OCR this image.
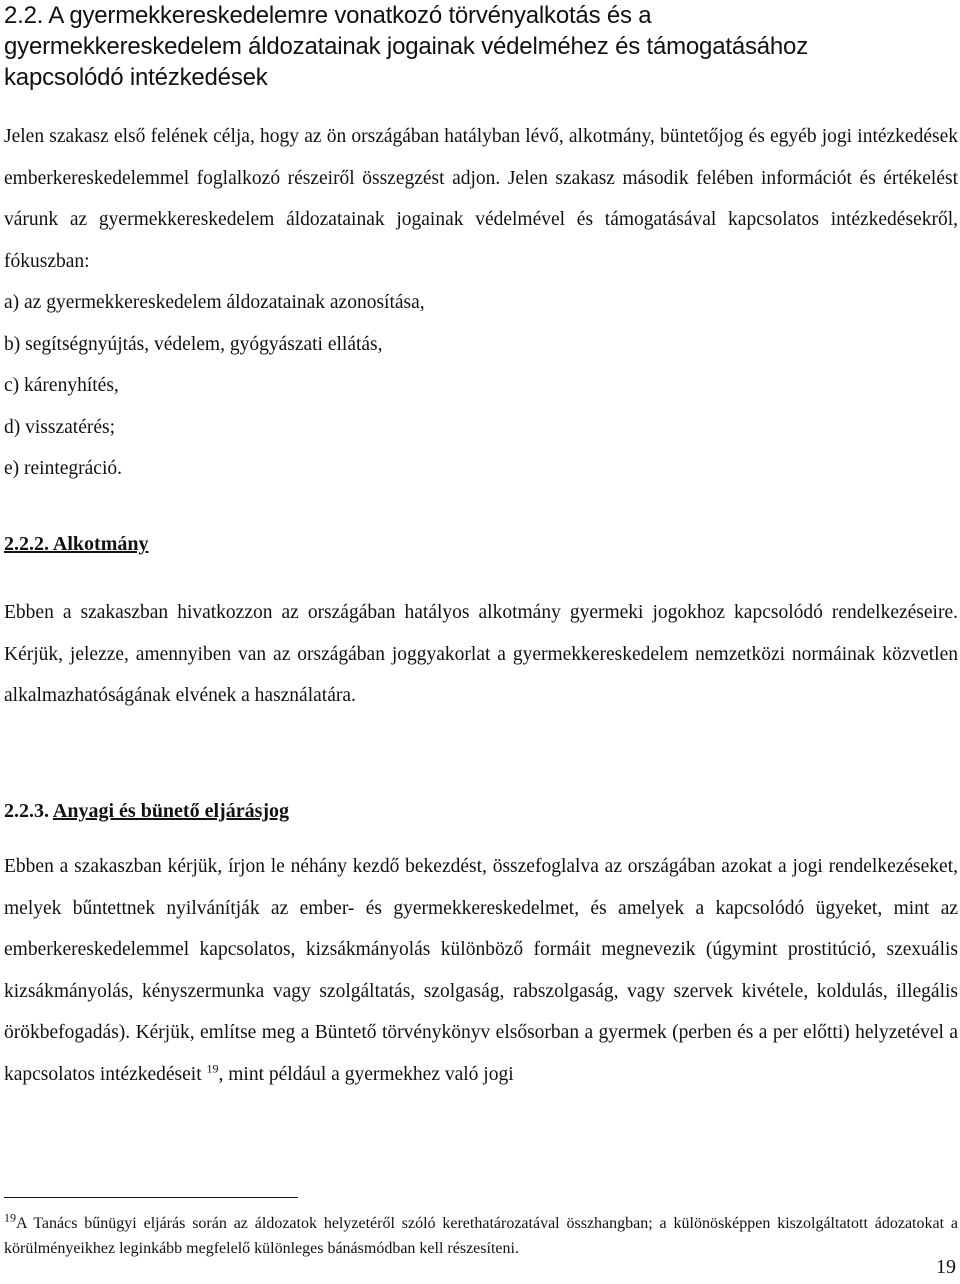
2.2. A gyermekkereskedelemre vonatkozó törvényalkotás és a
gyermekkereskedelem áldozatainak jogainak védelméhez és támogatásához
kapcsolódó intézkedések

Jelen szakasz első felének célja, hogy az ön országában hatályban lévő, alkotmány, büntetőjog és egyéb jogi intézkedések emberkereskedelemmel foglalkozó részeiről összegzést adjon. Jelen szakasz második felében információt és értékelést várunk az gyermekkereskedelem áldozatainak jogainak védelmével és támogatásával kapcsolatos intézkedésekről, fókuszban:

a) az gyermekkereskedelem áldozatainak azonosítása,

b) segítségnyújtás, védelem, gyógyászati ellátás,

c) kárenyhítés,

d) visszatérés;

e) reintegráció.

2.2.2. Alkotmány

Ebben a szakaszban hivatkozzon az országában hatályos alkotmány gyermeki jogokhoz kapcsolódó rendelkezéseire. Kérjük, jelezze, amennyiben van az országában joggyakorlat a gyermekkereskedelem nemzetközi normáinak közvetlen alkalmazhatóságának elvének a használatára.

2.2.3. Anyagi és bünető eljárásjog

Ebben a szakaszban kérjük, írjon le néhány kezdő bekezdést, összefoglalva az országában azokat a jogi rendelkezéseket, melyek bűntettnek nyilvánítják az ember- és gyermekkereskedelmet, és amelyek a kapcsolódó ügyeket, mint az emberkereskedelemmel kapcsolatos, kizsákmányolás különböző formáit megnevezik (úgymint prostitúció, szexuális kizsákmányolás, kényszermunka vagy szolgáltatás, szolgaság, rabszolgaság, vagy szervek kivétele, koldulás, illegális örökbefogadás). Kérjük, említse meg a Büntető törvénykönyv elsősorban a gyermek (perben és a per előtti) helyzetével a kapcsolatos intézkedéseit $^{19}$, mint például a gyermekhez való jogi

$^{19}$A Tanács bűnügyi eljárás során az áldozatok helyzetéről szóló kerethatározatával összhangban; a különösképpen kiszolgáltatott ádozatokat a körülményeikhez leginkább megfelelő különleges bánásmódban kell részesíteni.
19
